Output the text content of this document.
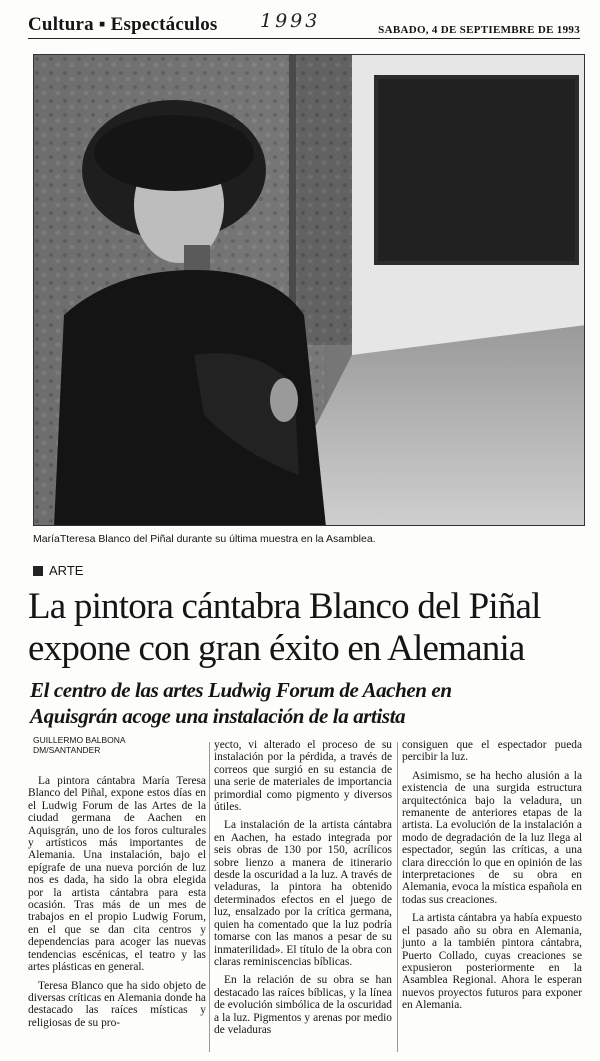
Cultura ▪ Espectáculos 1993	SABADO, 4 DE SEPTIEMBRE DE 1993
MaríaTteresa Blanco del Piñal durante su última muestra en la Asamblea.
ARTE
La pintora cántabra Blanco del Piñal
expone con gran éxito en Alemania
El centro de las artes Ludwig Forum de Aachen en
Aquisgrán acoge una instalación de la artista
GUILLERMO BALBONA
DM/SANTANDER

La pintora cántabra María Teresa Blanco del Piñal, expone estos días en el Ludwig Forum de las Artes de la ciudad germana de Aachen en Aquisgrán, uno de los foros culturales y artísticos más importantes de Alemania. Una instalación, bajo el epígrafe de una nueva porción de luz nos es dada, ha sido la obra elegida por la artista cántabra para esta ocasión. Tras más de un mes de trabajos en el propio Ludwig Forum, en el que se dan cita centros y dependencias para acoger las nuevas tendencias escénicas, el teatro y las artes plásticas en general.

Teresa Blanco que ha sido objeto de diversas críticas en Alemania donde ha destacado las raíces místicas y religiosas de su pro-

yecto, vi alterado el proceso de su instalación por la pérdida, a través de correos que surgió en su estancia de una serie de materiales de importancia primordial como pigmento y diversos útiles.

La instalación de la artista cántabra en Aachen, ha estado integrada por seis obras de 130 por 150, acrílicos sobre lienzo a manera de itinerario desde la oscuridad a la luz. A través de veladuras, la pintora ha obtenido determinados efectos en el juego de luz, ensalzado por la crítica germana, quien ha comentado que la luz podría tomarse con las manos a pesar de su inmaterilidad». El título de la obra con claras reminiscencias bíblicas.

En la relación de su obra se han destacado las raíces bíblicas, y la línea de evolución simbólica de la oscuridad a la luz. Pigmentos y arenas por medio de veladuras

consiguen que el espectador pueda percibir la luz.

Asimismo, se ha hecho alusión a la existencia de una surgida estructura arquitectónica bajo la veladura, un remanente de anteriores etapas de la artista. La evolución de la instalación a modo de degradación de la luz llega al espectador, según las críticas, a una clara dirección lo que en opinión de las interpretaciones de su obra en Alemania, evoca la mística española en todas sus creaciones.

La artista cántabra ya había expuesto el pasado año su obra en Alemania, junto a la también pintora cántabra, Puerto Collado, cuyas creaciones se expusieron posteriormente en la Asamblea Regional. Ahora le esperan nuevos proyectos futuros para exponer en Alemania.
